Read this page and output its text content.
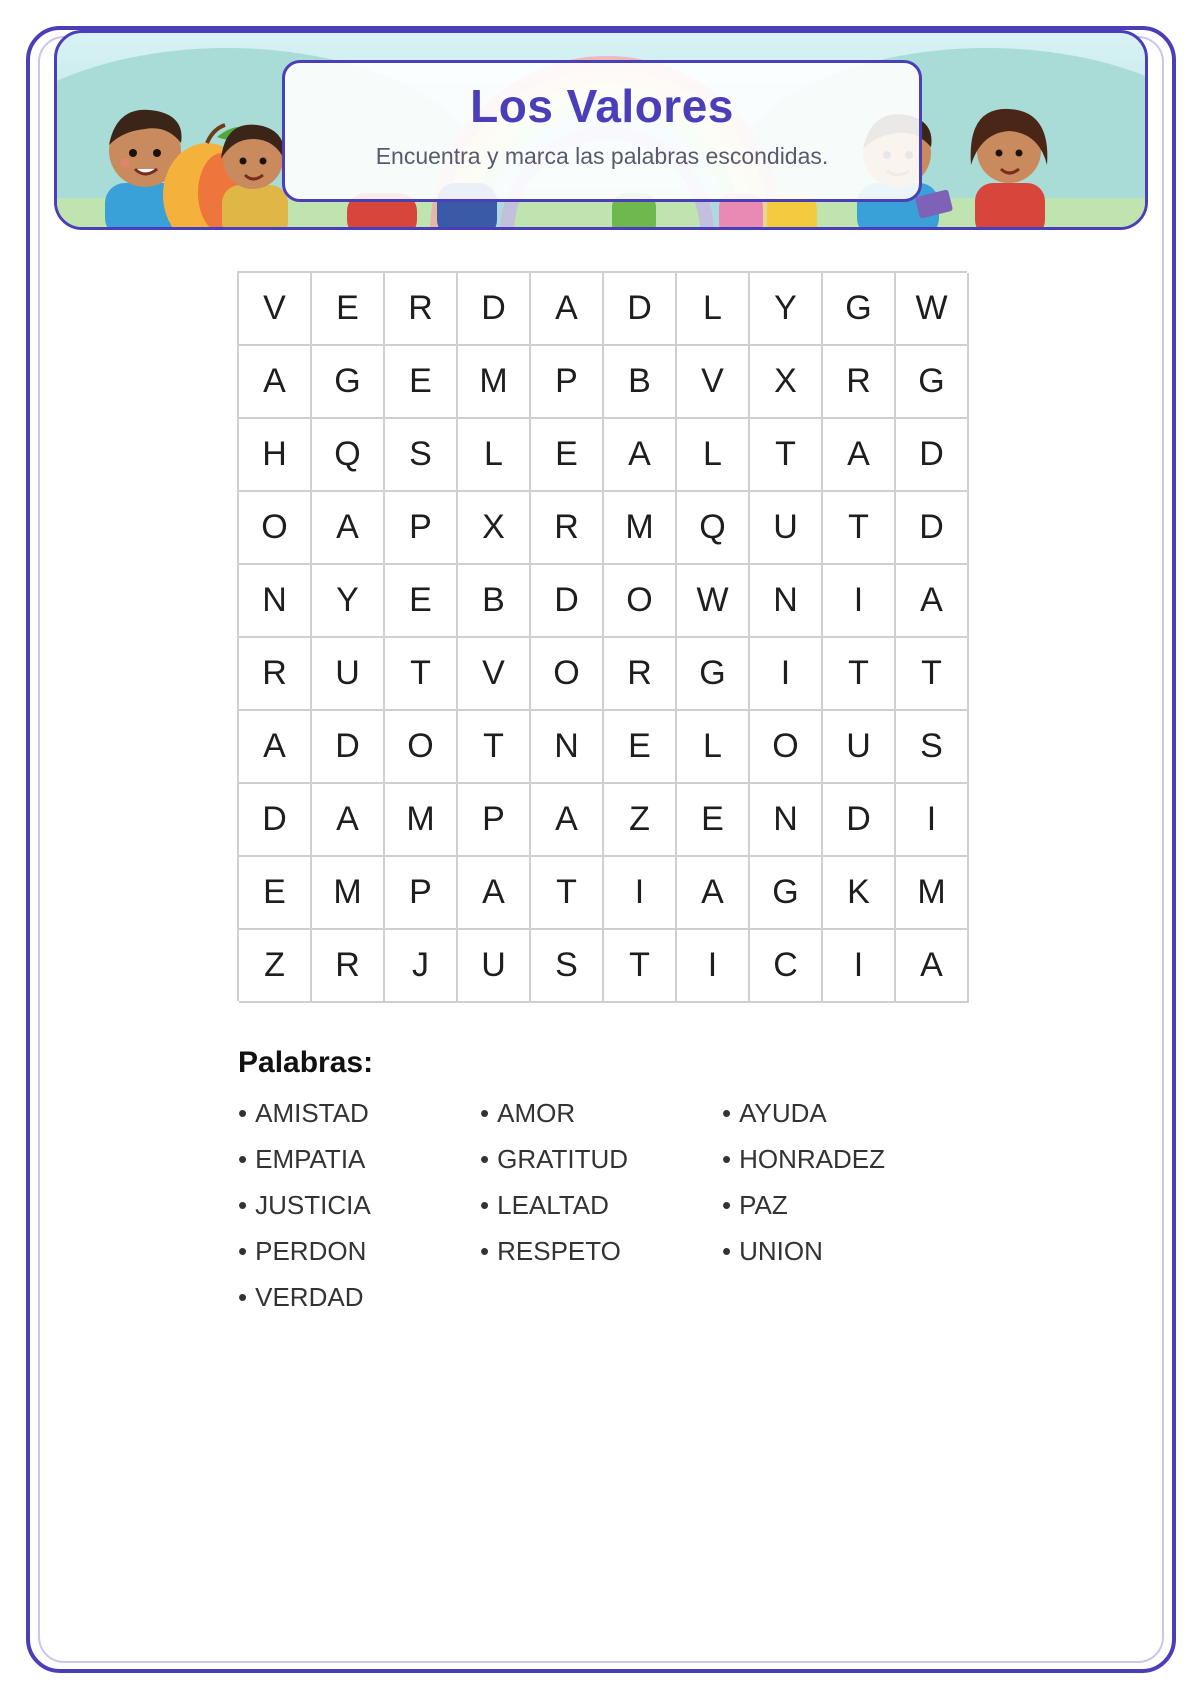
Los Valores
Encuentra y marca las palabras escondidas.
V	E	R	D	A	D	L	Y	G	W
A	G	E	M	P	B	V	X	R	G
H	Q	S	L	E	A	L	T	A	D
O	A	P	X	R	M	Q	U	T	D
N	Y	E	B	D	O	W	N	I	A
R	U	T	V	O	R	G	I	T	T
A	D	O	T	N	E	L	O	U	S
D	A	M	P	A	Z	E	N	D	I
E	M	P	A	T	I	A	G	K	M
Z	R	J	U	S	T	I	C	I	A
Palabras:
• AMISTAD	• AMOR	• AYUDA
• EMPATIA	• GRATITUD	• HONRADEZ
• JUSTICIA	• LEALTAD	• PAZ
• PERDON	• RESPETO	• UNION
• VERDAD
